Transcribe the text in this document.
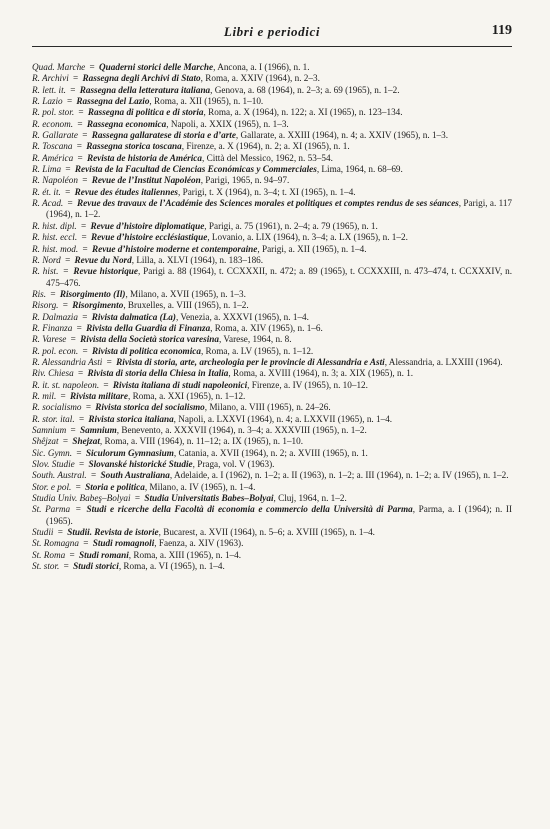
Libri e periodici	119

Quad. Marche = Quaderni storici delle Marche, Ancona, a. I (1966), n. 1.

R. Archivi = Rassegna degli Archivi di Stato, Roma, a. XXIV (1964), n. 2–3.

R. lett. it. = Rassegna della letteratura italiana, Genova, a. 68 (1964), n. 2–3; a. 69 (1965), n. 1–2.

R. Lazio = Rassegna del Lazio, Roma, a. XII (1965), n. 1–10.

R. pol. stor. = Rassegna di politica e di storia, Roma, a. X (1964), n. 122; a. XI (1965), n. 123–134.

R. econom. = Rassegna economica, Napoli, a. XXIX (1965), n. 1–3.

R. Gallarate = Rassegna gallaratese di storia e d’arte, Gallarate, a. XXIII (1964), n. 4; a. XXIV (1965), n. 1–3.

R. Toscana = Rassegna storica toscana, Firenze, a. X (1964), n. 2; a. XI (1965), n. 1.

R. América = Revista de historia de América, Città del Messico, 1962, n. 53–54.

R. Lima = Revista de la Facultad de Ciencias Económicas y Commerciales, Lima, 1964, n. 68–69.

R. Napoléon = Revue de l’Institut Napoléon, Parigi, 1965, n. 94–97.

R. ét. it. = Revue des études italiennes, Parigi, t. X (1964), n. 3–4; t. XI (1965), n. 1–4.

R. Acad. = Revue des travaux de l’Académie des Sciences morales et politiques et comptes rendus de ses séances, Parigi, a. 117 (1964), n. 1–2.

R. hist. dipl. = Revue d’histoire diplomatique, Parigi, a. 75 (1961), n. 2–4; a. 79 (1965), n. 1.

R. hist. eccl. = Revue d’histoire ecclésiastique, Lovanio, a. LIX (1964), n. 3–4; a. LX (1965), n. 1–2.

R. hist. mod. = Revue d’histoire moderne et contemporaine, Parigi, a. XII (1965), n. 1–4.

R. Nord = Revue du Nord, Lilla, a. XLVI (1964), n. 183–186.

R. hist. = Revue historique, Parigi a. 88 (1964), t. CCXXXII, n. 472; a. 89 (1965), t. CCXXXIII, n. 473–474, t. CCXXXIV, n. 475–476.

Ris. = Risorgimento (Il), Milano, a. XVII (1965), n. 1–3.

Risorg. = Risorgimento, Bruxelles, a. VIII (1965), n. 1–2.

R. Dalmazia = Rivista dalmatica (La), Venezia, a. XXXVI (1965), n. 1–4.

R. Finanza = Rivista della Guardia di Finanza, Roma, a. XIV (1965), n. 1–6.

R. Varese = Rivista della Società storica varesina, Varese, 1964, n. 8.

R. pol. econ. = Rivista di politica economica, Roma, a. LV (1965), n. 1–12.

R. Alessandria Asti = Rivista di storia, arte, archeologia per le provincie di Alessandria e Asti, Alessandria, a. LXXIII (1964).

Riv. Chiesa = Rivista di storia della Chiesa in Italia, Roma, a. XVIII (1964), n. 3; a. XIX (1965), n. 1.

R. it. st. napoleon. = Rivista italiana di studi napoleonici, Firenze, a. IV (1965), n. 10–12.

R. mil. = Rivista militare, Roma, a. XXI (1965), n. 1–12.

R. socialismo = Rivista storica del socialismo, Milano, a. VIII (1965), n. 24–26.

R. stor. ital. = Rivista storica italiana, Napoli, a. LXXVI (1964), n. 4; a. LXXVII (1965), n. 1–4.

Samnium = Samnium, Benevento, a. XXXVII (1964), n. 3–4; a. XXXVIII (1965), n. 1–2.

Shêjzat = Shejzat, Roma, a. VIII (1964), n. 11–12; a. IX (1965), n. 1–10.

Sic. Gymn. = Siculorum Gymnasium, Catania, a. XVII (1964), n. 2; a. XVIII (1965), n. 1.

Slov. Studie = Slovanské historické Studie, Praga, vol. V (1963).

South. Austral. = South Australiana, Adelaide, a. I (1962), n. 1–2; a. II (1963), n. 1–2; a. III (1964), n. 1–2; a. IV (1965), n. 1–2.

Stor. e pol. = Storia e politica, Milano, a. IV (1965), n. 1–4.

Studia Univ. Babeş–Bolyai = Studia Universitatis Babes–Bolyai, Cluj, 1964, n. 1–2.

St. Parma = Studi e ricerche della Facoltà di economia e commercio della Università di Parma, Parma, a. I (1964); n. II (1965).

Studii = Studii. Revista de istorie, Bucarest, a. XVII (1964), n. 5–6; a. XVIII (1965), n. 1–4.

St. Romagna = Studi romagnoli, Faenza, a. XIV (1963).

St. Roma = Studi romani, Roma, a. XIII (1965), n. 1–4.

St. stor. = Studi storici, Roma, a. VI (1965), n. 1–4.
